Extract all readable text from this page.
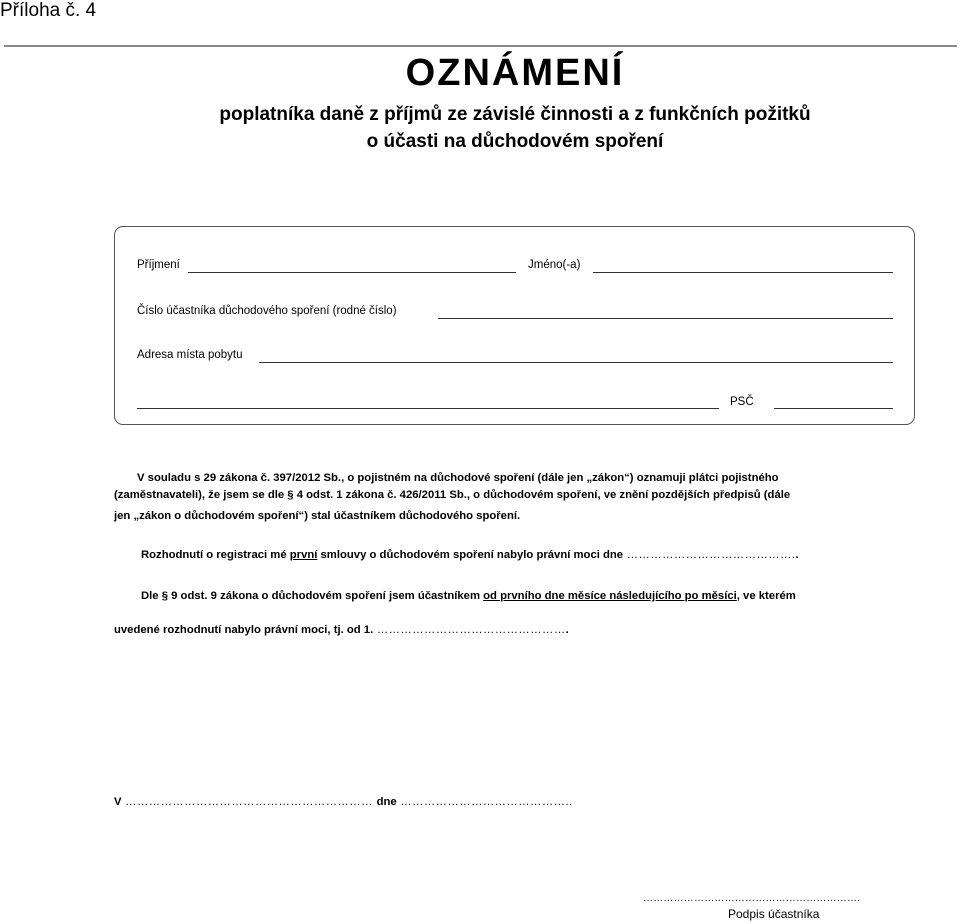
Příloha č. 4
OZNÁMENÍ
poplatníka daně z příjmů ze závislé činnosti a z funkčních požitků
o účasti na důchodovém spoření
Příjmení	Jméno(-a)
Číslo účastníka důchodového spoření (rodné číslo)
Adresa místa pobytu
PSČ
V souladu s 29 zákona č. 397/2012 Sb., o pojistném na důchodové spoření (dále jen „zákon“) oznamuji plátci pojistného
(zaměstnavateli), že jsem se dle § 4 odst. 1 zákona č. 426/2011 Sb., o důchodovém spoření, ve znění pozdějších předpisů (dále
jen „zákon o důchodovém spoření“) stal účastníkem důchodového spoření.
Rozhodnutí o registraci mé první smlouvy o důchodovém spoření nabylo právní moci dne ……………………………………..
Dle § 9 odst. 9 zákona o důchodovém spoření jsem účastníkem od prvního dne měsíce následujícího po měsíci, ve kterém
uvedené rozhodnutí nabylo právní moci, tj. od 1. ………………………………………….
V ……………………………………………………… dne ……………………………………..
……………………………………………………….
Podpis účastníka
